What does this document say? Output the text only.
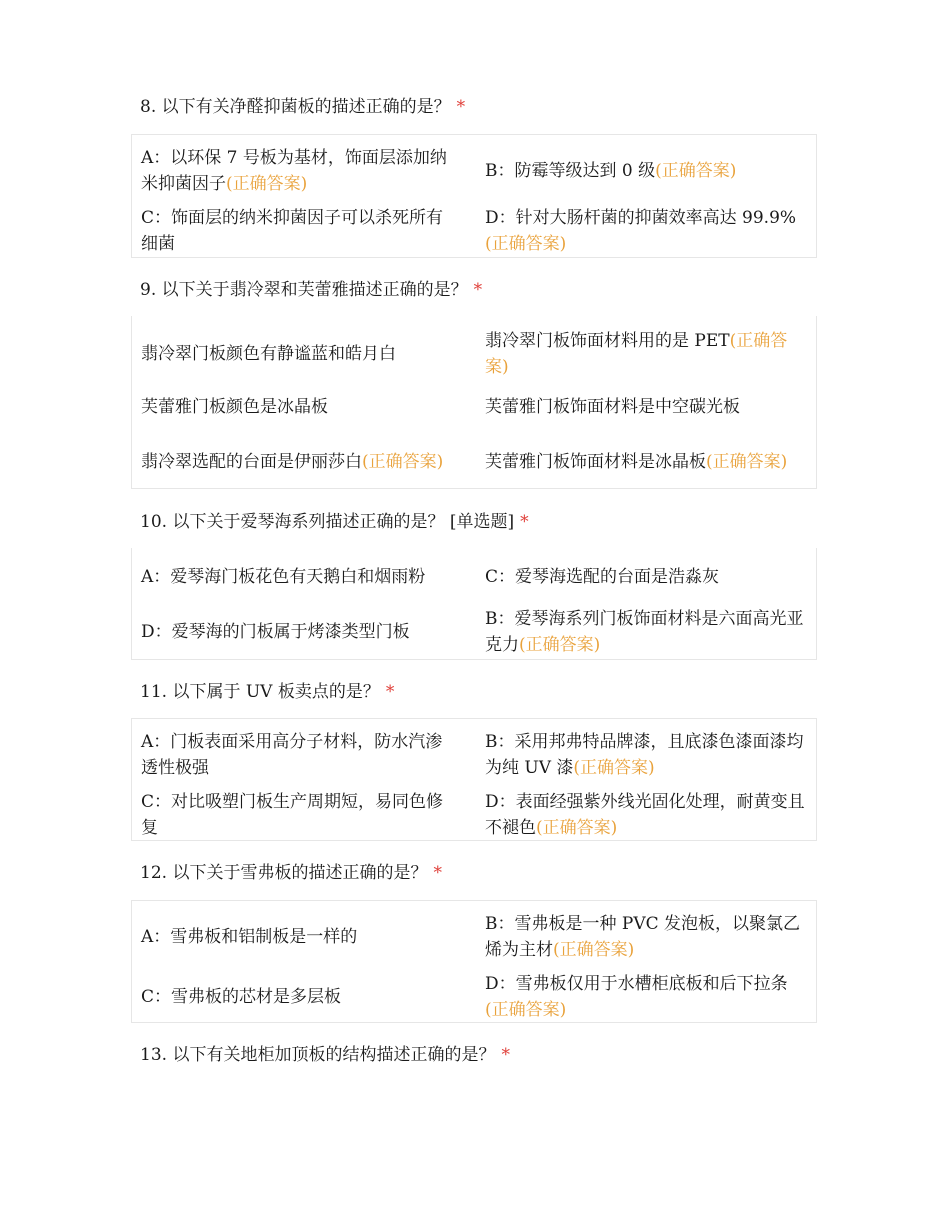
8. 以下有关净醛抑菌板的描述正确的是？ *
A：以环保 7 号板为基材，饰面层添加纳米抑菌因子(正确答案)
B：防霉等级达到 0 级(正确答案)
C：饰面层的纳米抑菌因子可以杀死所有细菌
D：针对大肠杆菌的抑菌效率高达 99.9%(正确答案)
9. 以下关于翡冷翠和芙蕾雅描述正确的是？ *
翡冷翠门板颜色有静谧蓝和皓月白
翡冷翠门板饰面材料用的是 PET(正确答案)
芙蕾雅门板颜色是冰晶板	芙蕾雅门板饰面材料是中空碳光板
翡冷翠选配的台面是伊丽莎白(正确答案) 芙蕾雅门板饰面材料是冰晶板(正确答案)
10. 以下关于爱琴海系列描述正确的是？ [单选题] *
A：爱琴海门板花色有天鹅白和烟雨粉	C：爱琴海选配的台面是浩淼灰
D：爱琴海的门板属于烤漆类型门板
B：爱琴海系列门板饰面材料是六面高光亚克力(正确答案)
11. 以下属于 UV 板卖点的是？ *
A：门板表面采用高分子材料，防水汽渗透性极强
B：采用邦弗特品牌漆，且底漆色漆面漆均为纯 UV 漆(正确答案)
C：对比吸塑门板生产周期短，易同色修复
D：表面经强紫外线光固化处理，耐黄变且不褪色(正确答案)
12. 以下关于雪弗板的描述正确的是？ *
A：雪弗板和铝制板是一样的
B：雪弗板是一种 PVC 发泡板，以聚氯乙烯为主材(正确答案)
C：雪弗板的芯材是多层板
D：雪弗板仅用于水槽柜底板和后下拉条(正确答案)
13. 以下有关地柜加顶板的结构描述正确的是？ *
